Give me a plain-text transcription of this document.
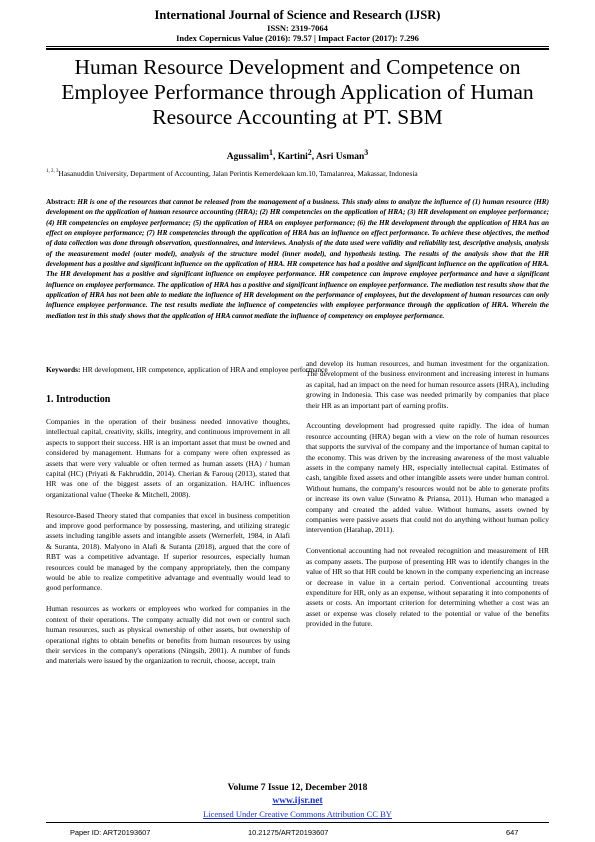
International Journal of Science and Research (IJSR)
ISSN: 2319-7064
Index Copernicus Value (2016): 79.57 | Impact Factor (2017): 7.296
Human Resource Development and Competence on Employee Performance through Application of Human Resource Accounting at PT. SBM
Agussalim$^1$, Kartini$^2$, Asri Usman$^3$
$^{1, 2, 3}$Hasanuddin University, Department of Accounting, Jalan Perintis Kemerdekaan km.10, Tamalanrea, Makassar, Indonesia
Abstract: HR is one of the resources that cannot be released from the management of a business. This study aims to analyze the influence of (1) human resource (HR) development on the application of human resource accounting (HRA); (2) HR competencies on the application of HRA; (3) HR development on employee performance; (4) HR competencies on employee performance; (5) the application of HRA on employee performance; (6) the HR development through the application of HRA has an effect on employee performance; (7) HR competencies through the application of HRA has an influence on effect performance. To achieve these objectives, the method of data collection was done through observation, questionnaires, and interviews. Analysis of the data used were validity and reliability test, descriptive analysis, analysis of the measurement model (outer model), analysis of the structure model (inner model), and hypothesis testing. The results of the analysis show that the HR development has a positive and significant influence on the application of HRA. HR competence has had a positive and significant influence on the application of HRA. The HR development has a positive and significant influence on employee performance. HR competence can improve employee performance and have a significant influence on employee performance. The application of HRA has a positive and significant influence on employee performance. The mediation test results show that the application of HRA has not been able to mediate the influence of HR development on the performance of employees, but the development of human resources can only influence employee performance. The test results mediate the influence of competencies with employee performance through the application of HRA. Wherein the mediation test in this study shows that the application of HRA cannot mediate the influence of competency on employee performance.
Keywords: HR development, HR competence, application of HRA and employee performance
1. Introduction

Companies in the operation of their business needed innovative thoughts, intellectual capital, creativity, skills, integrity, and continuous improvement in all aspects to support their success. HR is an important asset that must be owned and considered by management. Humans for a company were often expressed as assets that were very valuable or often termed as human assets (HA) / human capital (HC) (Priyati & Fakhruddin, 2014). Cherian & Farouq (2013), stated that HR was one of the biggest assets of an organization. HA/HC influences organizational value (Theeke & Mitchell, 2008).

Resource-Based Theory stated that companies that excel in business competition and improve good performance by possessing, mastering, and utilizing strategic assets including tangible assets and intangible assets (Wernerfelt, 1984, in Alafi & Suranta, 2018). Malyono in Alafi & Suranta (2018), argued that the core of RBT was a competitive advantage. If superior resources, especially human resources could be managed by the company appropriately, then the company would be able to realize competitive advantage and eventually would lead to good performance.

Human resources as workers or employees who worked for companies in the context of their operations. The company actually did not own or control such human resources, such as physical ownership of other assets, but ownership of operational rights to obtain benefits or benefits from human resources by using their services in the company's operations (Ningsih, 2001). A number of funds and materials were issued by the organization to recruit, choose, accept, train

and develop its human resources, and human investment for the organization. The development of the business environment and increasing interest in humans as capital, had an impact on the need for human resource assets (HRA), including growing in Indonesia. This case was needed primarily by companies that place their HR as an important part of earning profits.

Accounting development had progressed quite rapidly. The idea of human resource accounting (HRA) began with a view on the role of human resources that supports the survival of the company and the importance of human capital to the economy. This was driven by the increasing awareness of the most valuable assets in the company namely HR, especially intellectual capital. Estimates of cash, tangible fixed assets and other intangible assets were under human control. Without humans, the company's resources would not be able to generate profits or increase its own value (Suwatno & Priansa, 2011). Human who managed a company and created the added value. Without humans, assets owned by companies were passive assets that could not do anything without human policy intervention (Harahap, 2011).

Conventional accounting had not revealed recognition and measurement of HR as company assets. The purpose of presenting HR was to identify changes in the value of HR so that HR could be known in the company experiencing an increase or decrease in value in a certain period. Conventional accounting treats expenditure for HR, only as an expense, without separating it into components of assets or costs. An important criterion for determining whether a cost was an asset or expense was closely related to the potential or value of the benefits provided in the future.

Volume 7 Issue 12, December 2018
www.ijsr.net
Licensed Under Creative Commons Attribution CC BY
Paper ID: ART20193607	10.21275/ART20193607	647
